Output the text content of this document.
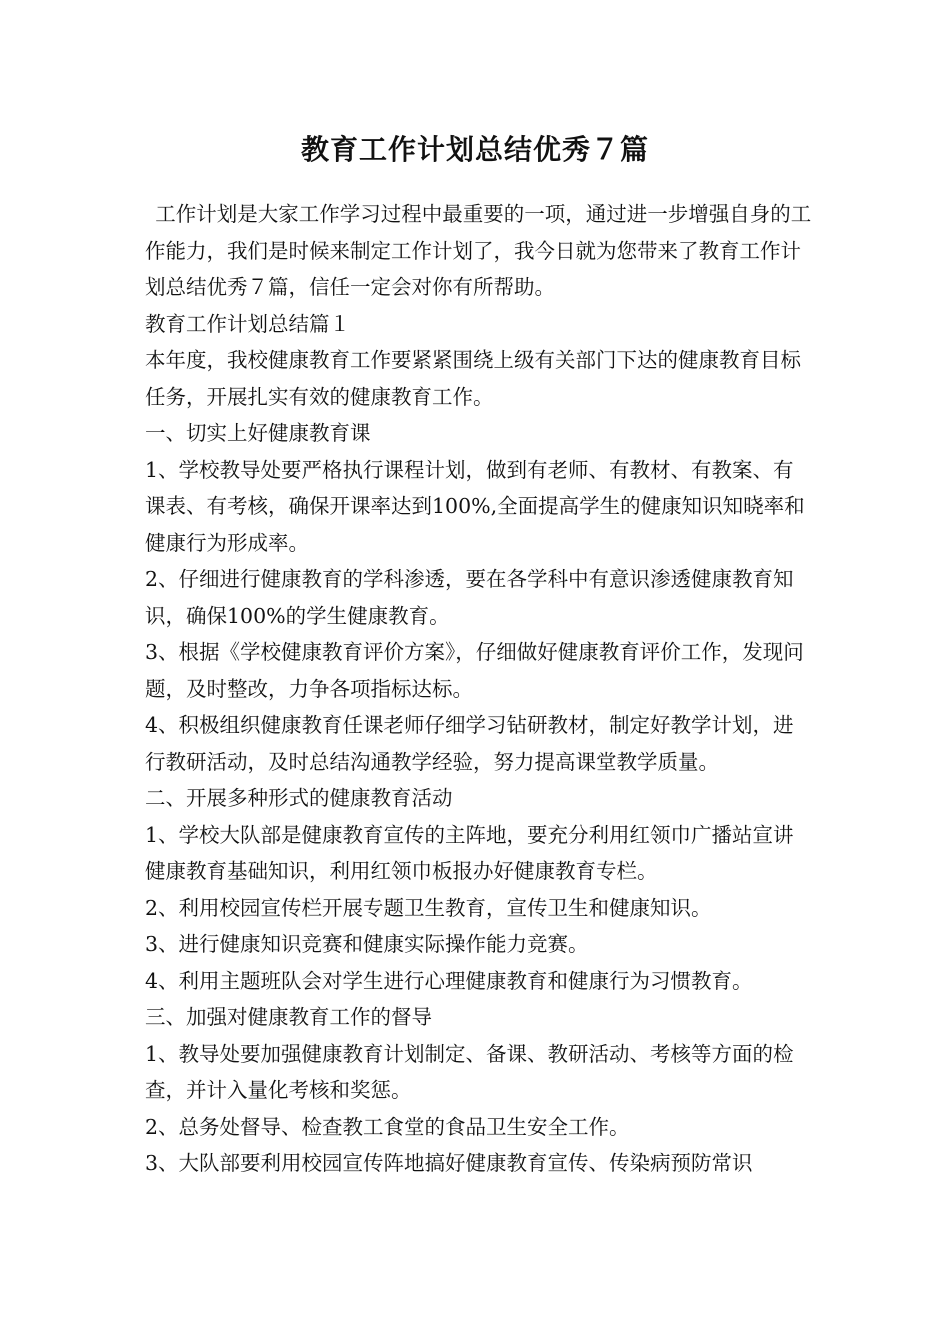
教育工作计划总结优秀７篇

工作计划是大家工作学习过程中最重要的一项，通过进一步增强自身的工作能力，我们是时候来制定工作计划了，我今日就为您带来了教育工作计划总结优秀７篇，信任一定会对你有所帮助。

教育工作计划总结篇１

本年度，我校健康教育工作要紧紧围绕上级有关部门下达的健康教育目标任务，开展扎实有效的健康教育工作。

一、切实上好健康教育课

1、学校教导处要严格执行课程计划，做到有老师、有教材、有教案、有课表、有考核，确保开课率达到100%,全面提高学生的健康知识知晓率和健康行为形成率。

2、仔细进行健康教育的学科渗透，要在各学科中有意识渗透健康教育知识，确保100%的学生健康教育。

3、根据《学校健康教育评价方案》，仔细做好健康教育评价工作，发现问题，及时整改，力争各项指标达标。

4、积极组织健康教育任课老师仔细学习钻研教材，制定好教学计划，进行教研活动，及时总结沟通教学经验，努力提高课堂教学质量。

二、开展多种形式的健康教育活动

1、学校大队部是健康教育宣传的主阵地，要充分利用红领巾广播站宣讲健康教育基础知识，利用红领巾板报办好健康教育专栏。

2、利用校园宣传栏开展专题卫生教育，宣传卫生和健康知识。

3、进行健康知识竞赛和健康实际操作能力竞赛。

4、利用主题班队会对学生进行心理健康教育和健康行为习惯教育。

三、加强对健康教育工作的督导

1、教导处要加强健康教育计划制定、备课、教研活动、考核等方面的检查，并计入量化考核和奖惩。

2、总务处督导、检查教工食堂的食品卫生安全工作。

3、大队部要利用校园宣传阵地搞好健康教育宣传、传染病预防常识
